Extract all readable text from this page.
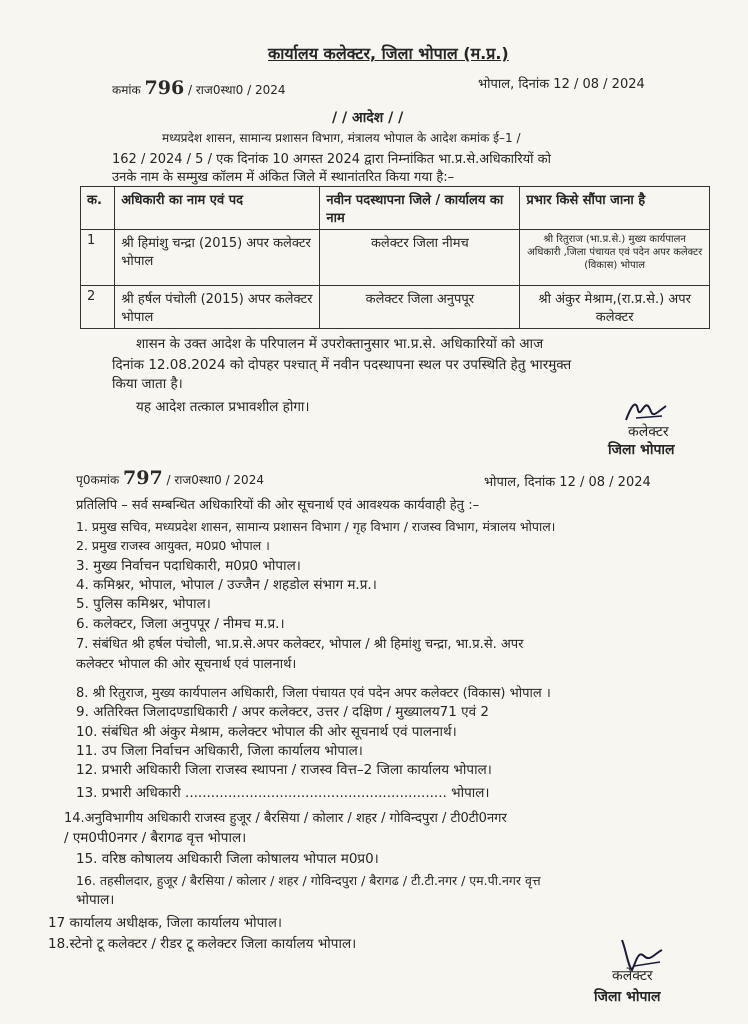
कार्यालय कलेक्टर, जिला भोपाल (म.प्र.)
कमांक 796 / राज0स्था0 / 2024	भोपाल, दिनांक 12 / 08 / 2024
/ / आदेश / /
मध्यप्रदेश शासन, सामान्य प्रशासन विभाग, मंत्रालय भोपाल के आदेश कमांक ई–1 /
162 / 2024 / 5 / एक दिनांक 10 अगस्त 2024 द्वारा निम्नांकित भा.प्र.से.अधिकारियों को
उनके नाम के सम्मुख कॉलम में अंकित जिले में स्थानांतरित किया गया है:–
क.	अधिकारी का नाम एवं पद	नवीन पदस्थापना जिले / कार्यालय का नाम	प्रभार किसे सौंपा जाना है
1	श्री हिमांशु चन्द्रा (2015) अपर कलेक्टर भोपाल	कलेक्टर जिला नीमच	श्री रितुराज (भा.प्र.से.) मुख्य कार्यपालन अधिकारी ,जिला पंचायत एवं पदेन अपर कलेक्टर (विकास) भोपाल
2	श्री हर्षल पंचोली (2015) अपर कलेक्टर भोपाल	कलेक्टर जिला अनुपपूर	श्री अंकुर मेश्राम,(रा.प्र.से.) अपर कलेक्टर
शासन के उक्त आदेश के परिपालन में उपरोक्तानुसार भा.प्र.से. अधिकारियों को आज
दिनांक 12.08.2024 को दोपहर पश्चात् में नवीन पदस्थापना स्थल पर उपस्थिति हेतु भारमुक्त
किया जाता है।
यह आदेश तत्काल प्रभावशील होगा।
कलेक्टर
जिला भोपाल
पृ0कमांक 797 / राज0स्था0 / 2024	भोपाल, दिनांक 12 / 08 / 2024
प्रतिलिपि – सर्व सम्बन्धित अधिकारियों की ओर सूचनार्थ एवं आवश्यक कार्यवाही हेतु :–
1. प्रमुख सचिव, मध्यप्रदेश शासन, सामान्य प्रशासन विभाग / गृह विभाग / राजस्व विभाग, मंत्रालय भोपाल।
2. प्रमुख राजस्व आयुक्त, म0प्र0 भोपाल ।
3. मुख्य निर्वाचन पदाधिकारी, म0प्र0 भोपाल।
4. कमिश्नर, भोपाल, भोपाल / उज्जैन / शहडोल संभाग म.प्र.।
5. पुलिस कमिश्नर, भोपाल।
6. कलेक्टर, जिला अनुपपूर / नीमच म.प्र.।
7. संबंधित श्री हर्षल पंचोली, भा.प्र.से.अपर कलेक्टर, भोपाल / श्री हिमांशु चन्द्रा, भा.प्र.से. अपर
कलेक्टर भोपाल की ओर सूचनार्थ एवं पालनार्थ।
8. श्री रितुराज, मुख्य कार्यपालन अधिकारी, जिला पंचायत एवं पदेन अपर कलेक्टर (विकास) भोपाल ।
9. अतिरिक्त जिलादण्डाधिकारी / अपर कलेक्टर, उत्तर / दक्षिण / मुख्यालय71 एवं 2
10. संबंधित श्री अंकुर मेश्राम, कलेक्टर भोपाल की ओर सूचनार्थ एवं पालनार्थ।
11. उप जिला निर्वाचन अधिकारी, जिला कार्यालय भोपाल।
12. प्रभारी अधिकारी जिला राजस्व स्थापना / राजस्व वित्त–2 जिला कार्यालय भोपाल।
13. प्रभारी अधिकारी ............................................................. भोपाल।
14.अनुविभागीय अधिकारी राजस्व हुजूर / बैरसिया / कोलार / शहर / गोविन्दपुरा / टी0टी0नगर
/ एम0पी0नगर / बैरागढ वृत्त भोपाल।
15. वरिष्ठ कोषालय अधिकारी जिला कोषालय भोपाल म0प्र0।
16. तहसीलदार, हुजूर / बैरसिया / कोलार / शहर / गोविन्दपुरा / बैरागढ / टी.टी.नगर / एम.पी.नगर वृत्त
भोपाल।
17 कार्यालय अधीक्षक, जिला कार्यालय भोपाल।
18.स्टेनो टू कलेक्टर / रीडर टू कलेक्टर जिला कार्यालय भोपाल।
कलेक्टर
जिला भोपाल
